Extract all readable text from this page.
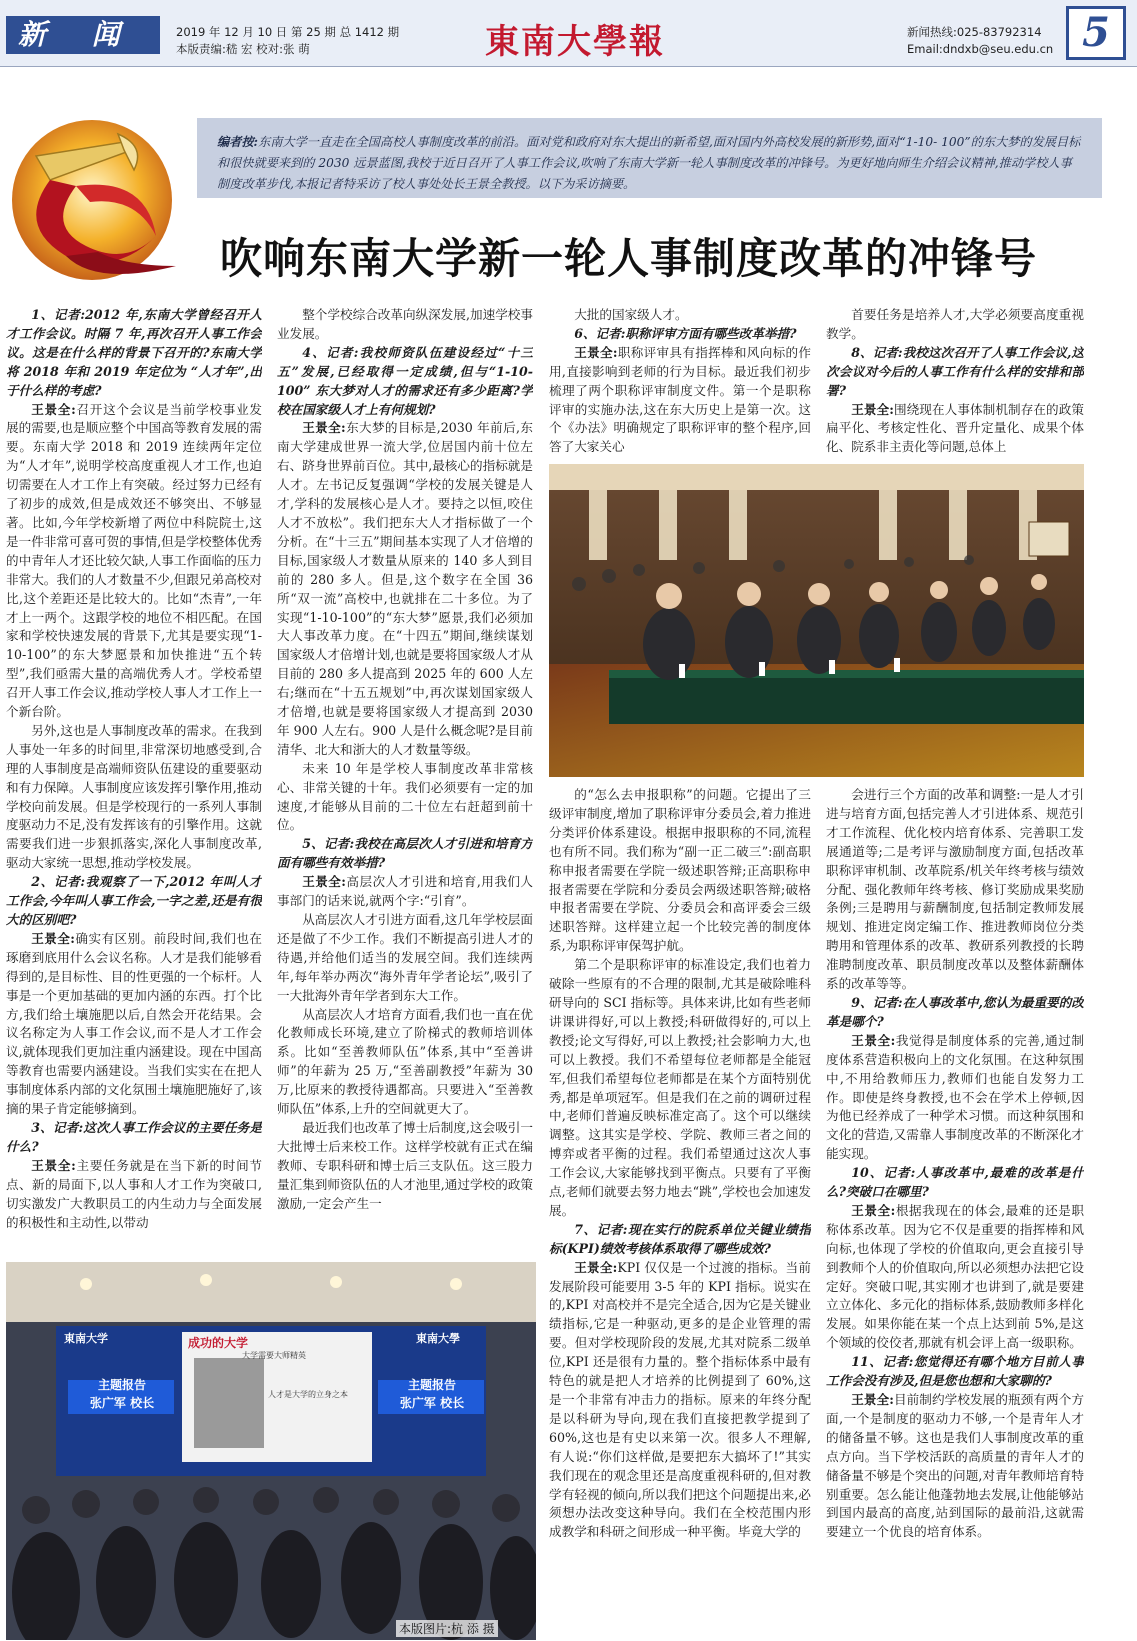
新 闻	2019 年 12 月 10 日 第 25 期 总 1412 期
本版责编:嵇 宏 校对:张 萌	東南大學報	新闻热线:025-83792314
Email:dndxb@seu.edu.cn 5
编者按:东南大学一直走在全国高校人事制度改革的前沿。面对党和政府对东大提出的新希望,面对国内外高校发展的新形势,面对“1-10- 100”的东大梦的发展目标和很快就要来到的 2030 远景蓝图,我校于近日召开了人事工作会议,吹响了东南大学新一轮人事制度改革的冲锋号。为更好地向师生介绍会议精神,推动学校人事制度改革步伐,本报记者特采访了校人事处处长王景全教授。以下为采访摘要。
吹响东南大学新一轮人事制度改革的冲锋号

1、记者:2012 年,东南大学曾经召开人才工作会议。时隔 7 年,再次召开人事工作会议。这是在什么样的背景下召开的?东南大学将 2018 年和 2019 年定位为 “人才年”,出于什么样的考虑?

王景全:召开这个会议是当前学校事业发展的需要,也是顺应整个中国高等教育发展的需要。东南大学 2018 和 2019 连续两年定位为“人才年”,说明学校高度重视人才工作,也迫切需要在人才工作上有突破。经过努力已经有了初步的成效,但是成效还不够突出、不够显著。比如,今年学校新增了两位中科院院士,这是一件非常可喜可贺的事情,但是学校整体优秀的中青年人才还比较欠缺,人事工作面临的压力非常大。我们的人才数量不少,但跟兄弟高校对比,这个差距还是比较大的。比如“杰青”,一年才上一两个。这跟学校的地位不相匹配。在国家和学校快速发展的背景下,尤其是要实现“1-10-100”的东大梦愿景和加快推进“五个转型”,我们亟需大量的高端优秀人才。学校希望召开人事工作会议,推动学校人事人才工作上一个新台阶。

另外,这也是人事制度改革的需求。在我到人事处一年多的时间里,非常深切地感受到,合理的人事制度是高端师资队伍建设的重要驱动和有力保障。人事制度应该发挥引擎作用,推动学校向前发展。但是学校现行的一系列人事制度驱动力不足,没有发挥该有的引擎作用。这就需要我们进一步狠抓落实,深化人事制度改革,驱动大家统一思想,推动学校发展。

2、记者:我观察了一下,2012 年叫人才工作会,今年叫人事工作会,一字之差,还是有很大的区别吧?

王景全:确实有区别。前段时间,我们也在琢磨到底用什么会议名称。人才是我们能够看得到的,是目标性、目的性更强的一个标杆。人事是一个更加基础的更加内涵的东西。打个比方,我们给土壤施肥以后,自然会开花结果。会议名称定为人事工作会议,而不是人才工作会议,就体现我们更加注重内涵建设。现在中国高等教育也需要内涵建设。当我们实实在在把人事制度体系内部的文化氛围土壤施肥施好了,该摘的果子肯定能够摘到。

3、记者:这次人事工作会议的主要任务是什么?

王景全:主要任务就是在当下新的时间节点、新的局面下,以人事和人才工作为突破口,切实激发广大教职员工的内生动力与全面发展的积极性和主动性,以带动

整个学校综合改革向纵深发展,加速学校事业发展。

4、记者:我校师资队伍建设经过“十三五”发展,已经取得一定成绩,但与“1-10-100” 东大梦对人才的需求还有多少距离?学校在国家级人才上有何规划?

王景全:东大梦的目标是,2030 年前后,东南大学建成世界一流大学,位居国内前十位左右、跻身世界前百位。其中,最核心的指标就是人才。左书记反复强调“学校的发展关键是人才,学科的发展核心是人才。要持之以恒,咬住人才不放松”。我们把东大人才指标做了一个分析。在“十三五”期间基本实现了人才倍增的目标,国家级人才数量从原来的 140 多人到目前的 280 多人。但是,这个数字在全国 36 所“双一流”高校中,也就排在二十多位。为了实现“1-10-100”的“东大梦”愿景,我们必须加大人事改革力度。在“十四五”期间,继续谋划国家级人才倍增计划,也就是要将国家级人才从目前的 280 多人提高到 2025 年的 600 人左右;继而在“十五五规划”中,再次谋划国家级人才倍增,也就是要将国家级人才提高到 2030 年 900 人左右。900 人是什么概念呢?是目前清华、北大和浙大的人才数量等级。

未来 10 年是学校人事制度改革非常核心、非常关键的十年。我们必须要有一定的加速度,才能够从目前的二十位左右赶超到前十位。

5、记者:我校在高层次人才引进和培育方面有哪些有效举措?

王景全:高层次人才引进和培育,用我们人事部门的话来说,就两个字:“引育”。

从高层次人才引进方面看,这几年学校层面还是做了不少工作。我们不断提高引进人才的待遇,并给他们适当的发展空间。我们连续两年,每年举办两次“海外青年学者论坛”,吸引了一大批海外青年学者到东大工作。

从高层次人才培育方面看,我们也一直在优化教师成长环境,建立了阶梯式的教师培训体系。比如“至善教师队伍”体系,其中“至善讲师”的年薪为 25 万,“至善副教授”年薪为 30 万,比原来的教授待遇都高。只要进入“至善教师队伍”体系,上升的空间就更大了。

最近我们也改革了博士后制度,这会吸引一大批博士后来校工作。这样学校就有正式在编教师、专职科研和博士后三支队伍。这三股力量汇集到师资队伍的人才池里,通过学校的政策激励,一定会产生一

大批的国家级人才。

6、记者:职称评审方面有哪些改革举措?

王景全:职称评审具有指挥棒和风向标的作用,直接影响到老师的行为目标。最近我们初步梳理了两个职称评审制度文件。第一个是职称评审的实施办法,这在东大历史上是第一次。这个《办法》明确规定了职称评审的整个程序,回答了大家关心

的“怎么去申报职称”的问题。它提出了三级评审制度,增加了职称评审分委员会,着力推进分类评价体系建设。根据申报职称的不同,流程也有所不同。我们称为“副一正二破三”:副高职称申报者需要在学院一级述职答辩;正高职称申报者需要在学院和分委员会两级述职答辩;破格申报者需要在学院、分委员会和高评委会三级述职答辩。这样建立起一个比较完善的制度体系,为职称评审保驾护航。

第二个是职称评审的标准设定,我们也着力破除一些原有的不合理的限制,尤其是破除唯科研导向的 SCI 指标等。具体来讲,比如有些老师讲课讲得好,可以上教授;科研做得好的,可以上教授;论文写得好,可以上教授;社会影响力大,也可以上教授。我们不希望每位老师都是全能冠军,但我们希望每位老师都是在某个方面特别优秀,都是单项冠军。但是我们在之前的调研过程中,老师们普遍反映标准定高了。这个可以继续调整。这其实是学校、学院、教师三者之间的博弈或者平衡的过程。我们希望通过这次人事工作会议,大家能够找到平衡点。只要有了平衡点,老师们就要去努力地去“跳”,学校也会加速发展。

7、记者:现在实行的院系单位关键业绩指标(KPI)绩效考核体系取得了哪些成效?

王景全:KPI 仅仅是一个过渡的指标。当前发展阶段可能要用 3-5 年的 KPI 指标。说实在的,KPI 对高校并不是完全适合,因为它是关键业绩指标,它是一种驱动,更多的是企业管理的需要。但对学校现阶段的发展,尤其对院系二级单位,KPI 还是很有力量的。整个指标体系中最有特色的就是把人才培养的比例提到了 60%,这是一个非常有冲击力的指标。原来的年终分配是以科研为导向,现在我们直接把教学提到了 60%,这也是有史以来第一次。很多人不理解,有人说:“你们这样做,是要把东大搞坏了!”其实我们现在的观念里还是高度重视科研的,但对教学有轻视的倾向,所以我们把这个问题提出来,必须想办法改变这种导向。我们在全校范围内形成教学和科研之间形成一种平衡。毕竟大学的

首要任务是培养人才,大学必须要高度重视教学。

8、记者:我校这次召开了人事工作会议,这次会议对今后的人事工作有什么样的安排和部署?

王景全:围绕现在人事体制机制存在的政策扁平化、考核定性化、晋升定量化、成果个体化、院系非主责化等问题,总体上

会进行三个方面的改革和调整:一是人才引进与培育方面,包括完善人才引进体系、规范引才工作流程、优化校内培育体系、完善职工发展通道等;二是考评与激励制度方面,包括改革职称评审机制、改革院系/机关年终考核与绩效分配、强化教师年终考核、修订奖励成果奖励条例;三是聘用与薪酬制度,包括制定教师发展规划、推进定岗定编工作、推进教师岗位分类聘用和管理体系的改革、教研系列教授的长聘准聘制度改革、职员制度改革以及整体薪酬体系的改革等等。

9、记者:在人事改革中,您认为最重要的改革是哪个?

王景全:我觉得是制度体系的完善,通过制度体系营造积极向上的文化氛围。在这种氛围中,不用给教师压力,教师们也能自发努力工作。即使是终身教授,也不会在学术上停顿,因为他已经养成了一种学术习惯。而这种氛围和文化的营造,又需靠人事制度改革的不断深化才能实现。

10、记者:人事改革中,最难的改革是什么?突破口在哪里?

王景全:根据我现在的体会,最难的还是职称体系改革。因为它不仅是重要的指挥棒和风向标,也体现了学校的价值取向,更会直接引导到教师个人的价值取向,所以必须想办法把它设定好。突破口呢,其实刚才也讲到了,就是要建立立体化、多元化的指标体系,鼓励教师多样化发展。如果你能在某一个点上达到前 5%,是这个领域的佼佼者,那就有机会评上高一级职称。

11、记者:您觉得还有哪个地方目前人事工作会没有涉及,但是您也想和大家聊的?

王景全:目前制约学校发展的瓶颈有两个方面,一个是制度的驱动力不够,一个是青年人才的储备量不够。这也是我们人事制度改革的重点方向。当下学校活跃的高质量的青年人才的储备量不够是个突出的问题,对青年教师培育特别重要。怎么能让他蓬勃地去发展,让他能够站到国内最高的高度,站到国际的最前沿,这就需要建立一个优良的培育体系。

東南大学	東南大學
成功的大学
大学需要大师精英
人才是大学的立身之本
主题报告
张广军 校长
主题报告
张广军 校长
本版图片:杭 添 摄
